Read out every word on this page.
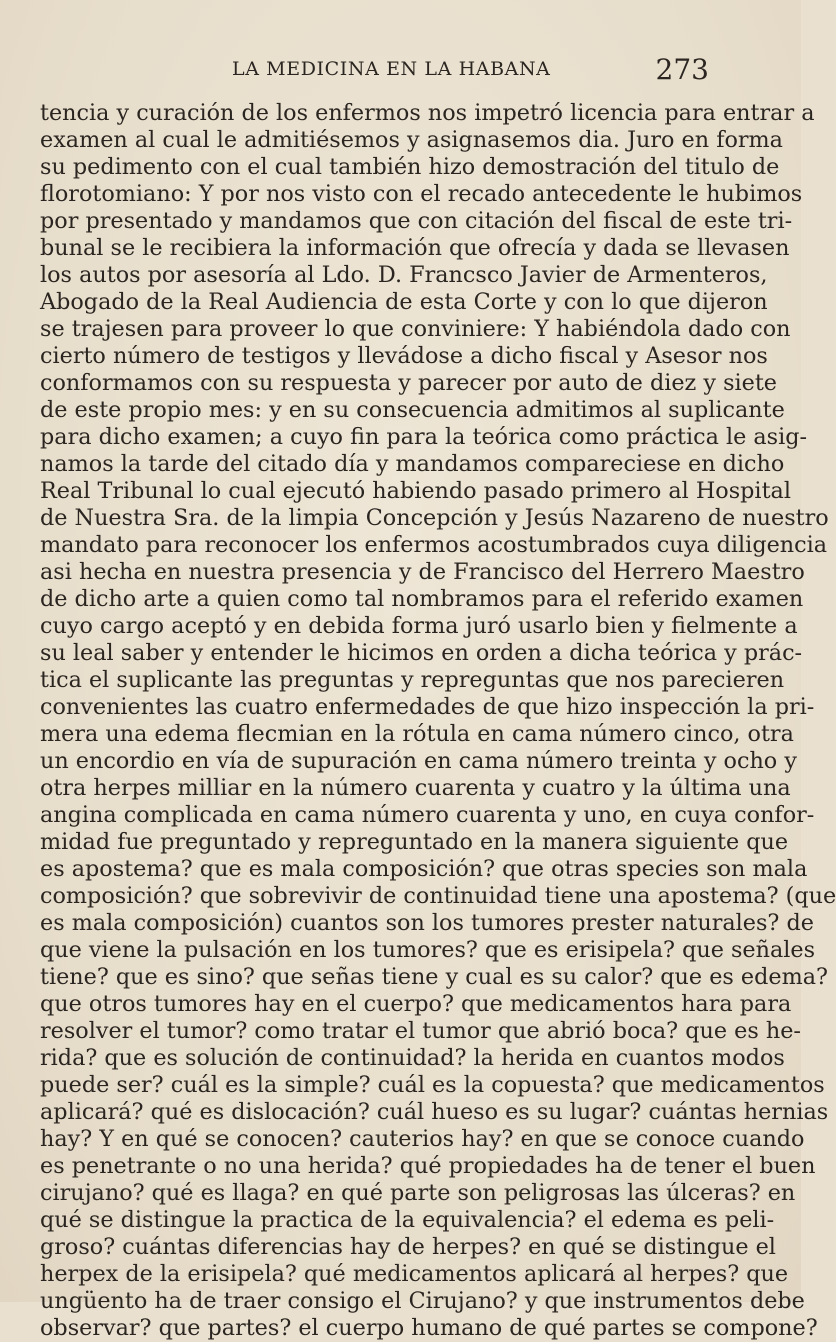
LA MEDICINA EN LA HABANA	273
tencia y curación de los enfermos nos impetró licencia para entrar a
examen al cual le admitiésemos y asignasemos dia. Juro en forma
su pedimento con el cual también hizo demostración del titulo de
florotomiano: Y por nos visto con el recado antecedente le hubimos
por presentado y mandamos que con citación del fiscal de este tri-
bunal se le recibiera la información que ofrecía y dada se llevasen
los autos por asesoría al Ldo. D. Francsco Javier de Armenteros,
Abogado de la Real Audiencia de esta Corte y con lo que dijeron
se trajesen para proveer lo que conviniere: Y habiéndola dado con
cierto número de testigos y llevádose a dicho fiscal y Asesor nos
conformamos con su respuesta y parecer por auto de diez y siete
de este propio mes: y en su consecuencia admitimos al suplicante
para dicho examen; a cuyo fin para la teórica como práctica le asig-
namos la tarde del citado día y mandamos compareciese en dicho
Real Tribunal lo cual ejecutó habiendo pasado primero al Hospital
de Nuestra Sra. de la limpia Concepción y Jesús Nazareno de nuestro
mandato para reconocer los enfermos acostumbrados cuya diligencia
asi hecha en nuestra presencia y de Francisco del Herrero Maestro
de dicho arte a quien como tal nombramos para el referido examen
cuyo cargo aceptó y en debida forma juró usarlo bien y fielmente a
su leal saber y entender le hicimos en orden a dicha teórica y prác-
tica el suplicante las preguntas y repreguntas que nos parecieren
convenientes las cuatro enfermedades de que hizo inspección la pri-
mera una edema flecmian en la rótula en cama número cinco, otra
un encordio en vía de supuración en cama número treinta y ocho y
otra herpes milliar en la número cuarenta y cuatro y la última una
angina complicada en cama número cuarenta y uno, en cuya confor-
midad fue preguntado y repreguntado en la manera siguiente que
es apostema? que es mala composición? que otras species son mala
composición? que sobrevivir de continuidad tiene una apostema? (que
es mala composición) cuantos son los tumores prester naturales? de
que viene la pulsación en los tumores? que es erisipela? que señales
tiene? que es sino? que señas tiene y cual es su calor? que es edema?
que otros tumores hay en el cuerpo? que medicamentos hara para
resolver el tumor? como tratar el tumor que abrió boca? que es he-
rida? que es solución de continuidad? la herida en cuantos modos
puede ser? cuál es la simple? cuál es la copuesta? que medicamentos
aplicará? qué es dislocación? cuál hueso es su lugar? cuántas hernias
hay? Y en qué se conocen? cauterios hay? en que se conoce cuando
es penetrante o no una herida? qué propiedades ha de tener el buen
cirujano? qué es llaga? en qué parte son peligrosas las úlceras? en
qué se distingue la practica de la equivalencia? el edema es peli-
groso? cuántas diferencias hay de herpes? en qué se distingue el
herpex de la erisipela? qué medicamentos aplicará al herpes? que
ungüento ha de traer consigo el Cirujano? y que instrumentos debe
observar? que partes? el cuerpo humano de qué partes se compone?
